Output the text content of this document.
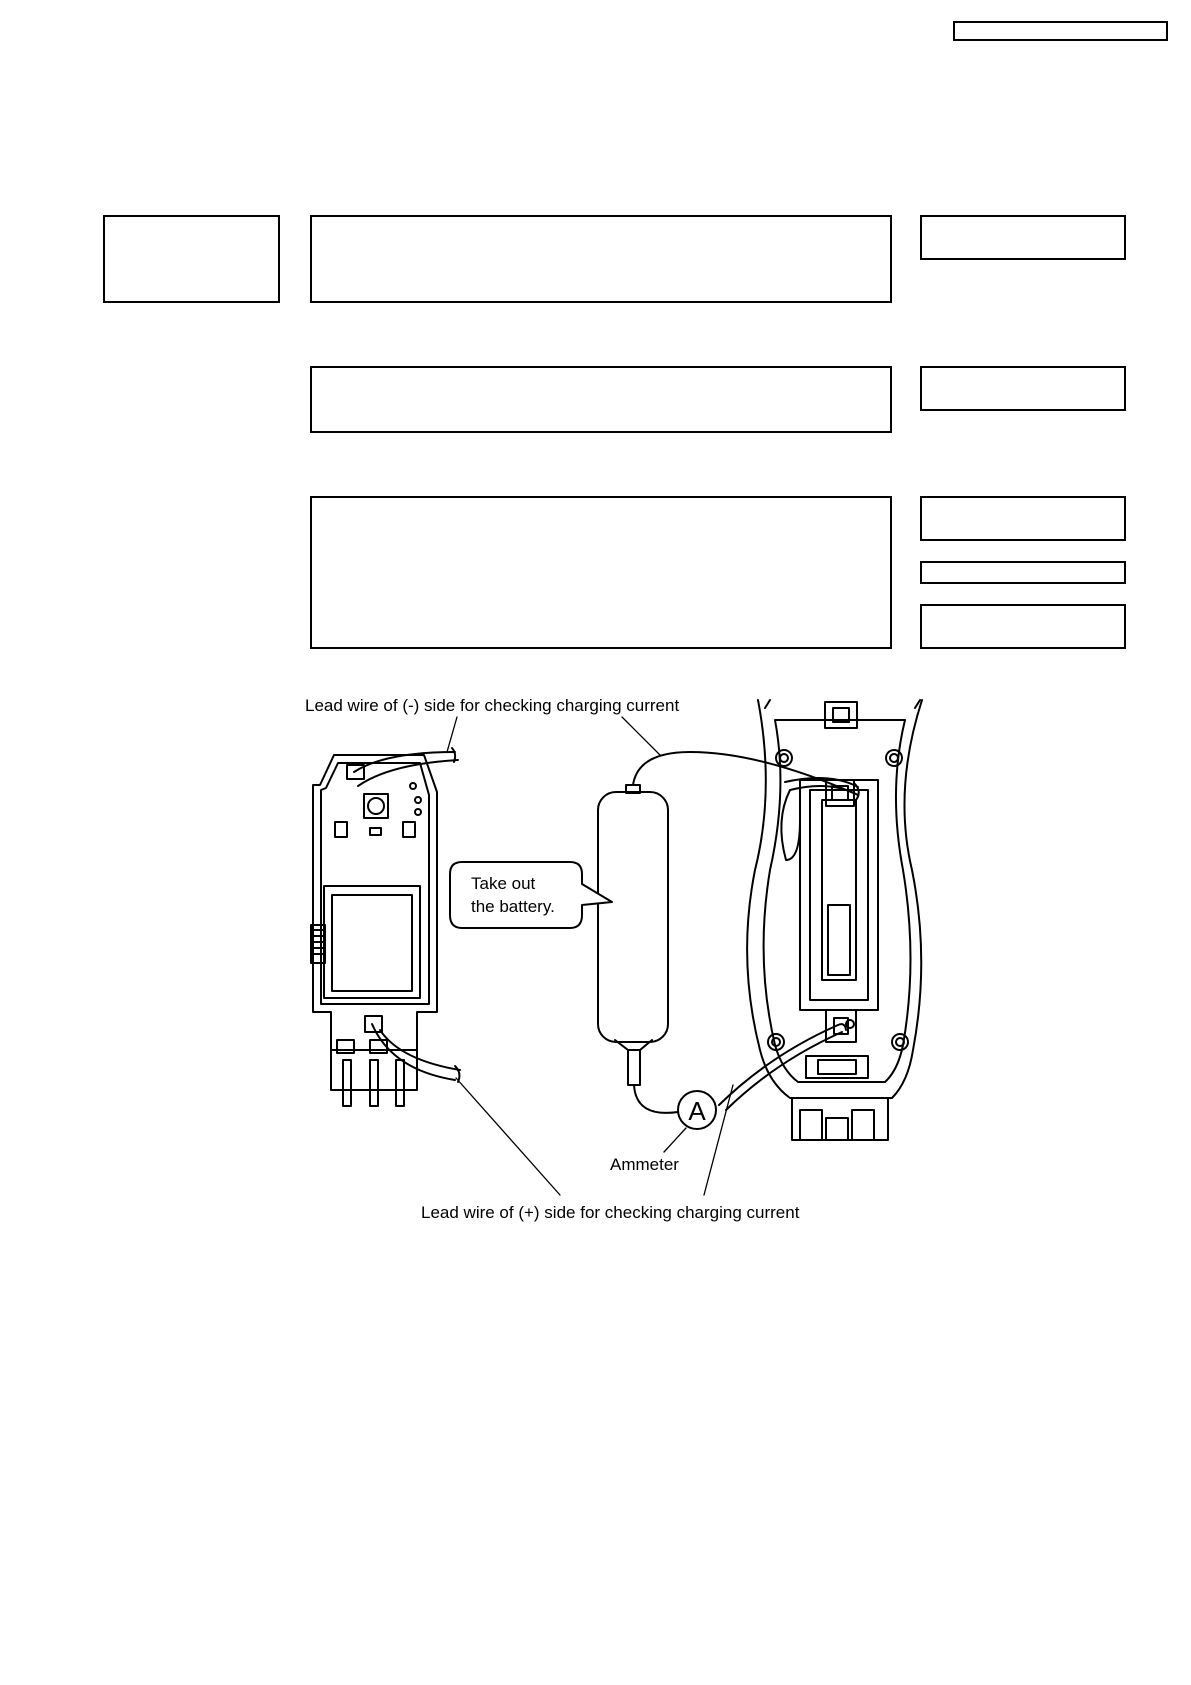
A
Take out
the battery.
Lead wire of (-) side for checking charging current
Ammeter
Lead wire of (+) side for checking charging current
